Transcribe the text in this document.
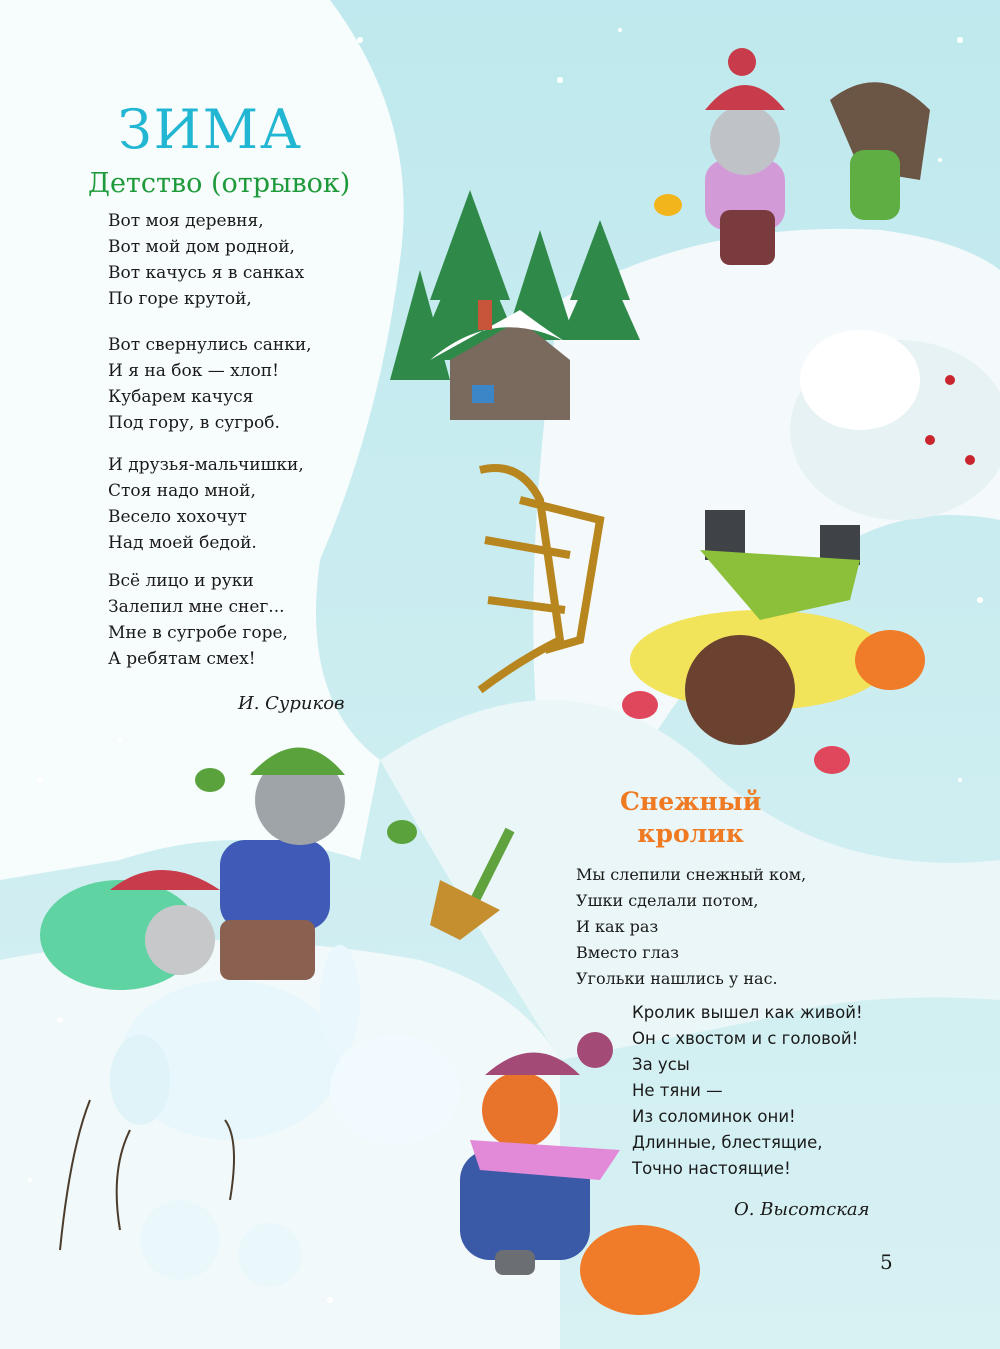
ЗИМА
Детство (отрывок)
Вот моя деревня,
Вот мой дом родной,
Вот качусь я в санках
По горе крутой,
Вот свернулись санки,
И я на бок — хлоп!
Кубарем качуся
Под гору, в сугроб.
И друзья-мальчишки,
Стоя надо мной,
Весело хохочут
Над моей бедой.
Всё лицо и руки
Залепил мне снег...
Мне в сугробе горе,
А ребятам смех!

И. Суриков

Снежный
кролик
Мы слепили снежный ком,
Ушки сделали потом,
И как раз
Вместо глаз
Угольки нашлись у нас.
Кролик вышел как живой!
Он с хвостом и с головой!
За усы
Не тяни —
Из соломинок они!
Длинные, блестящие,
Точно настоящие!

О. Высотская

5
